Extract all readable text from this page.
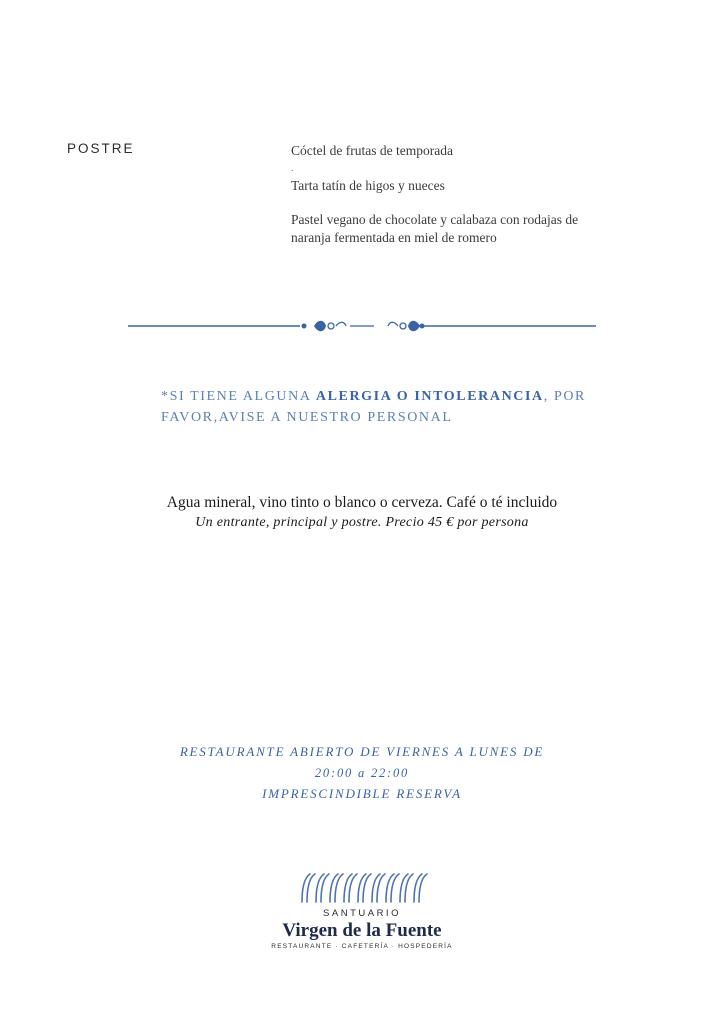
POSTRE	Cóctel de frutas de temporada
.
Tarta tatín de higos y nueces
Pastel vegano de chocolate y calabaza con rodajas de naranja fermentada en miel de romero
*SI TIENE ALGUNA ALERGIA O INTOLERANCIA, POR FAVOR,AVISE A NUESTRO PERSONAL
Agua mineral, vino tinto o blanco o cerveza. Café o té incluido
Un entrante, principal y postre. Precio 45 € por persona
RESTAURANTE ABIERTO DE VIERNES A LUNES DE
20:00 a 22:00
IMPRESCINDIBLE RESERVA
SANTUARIO
Virgen de la Fuente
RESTAURANTE · CAFETERÍA · HOSPEDERÍA
